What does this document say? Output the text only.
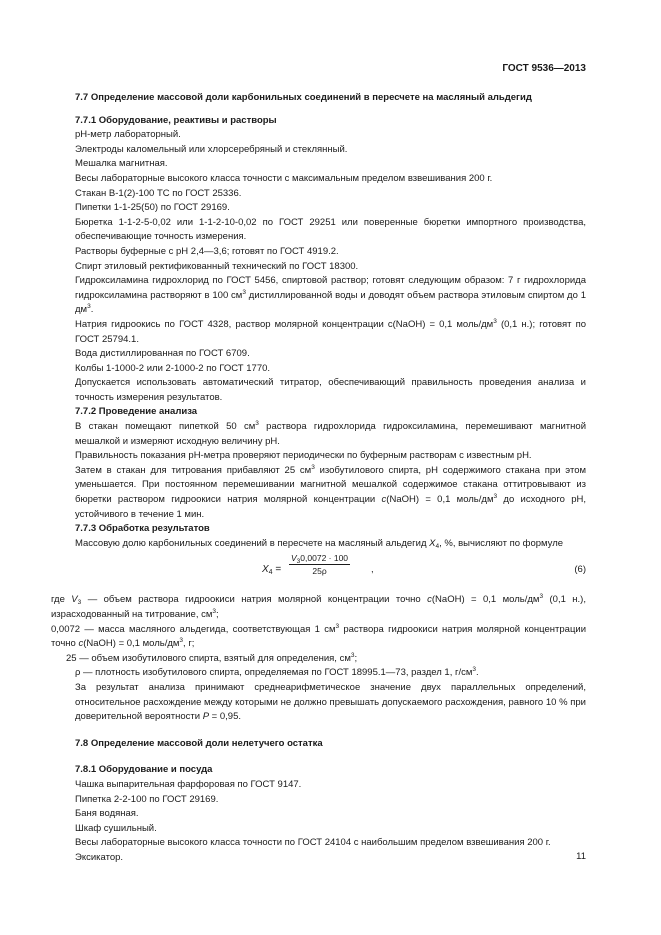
ГОСТ 9536—2013

7.7 Определение массовой доли карбонильных соединений в пересчете на масляный альдегид

7.7.1 Оборудование, реактивы и растворы

pH-метр лабораторный.

Электроды каломельный или хлорсеребряный и стеклянный.

Мешалка магнитная.

Весы лабораторные высокого класса точности с максимальным пределом взвешивания 200 г.

Стакан В-1(2)-100 ТС по ГОСТ 25336.

Пипетки 1-1-25(50) по ГОСТ 29169.

Бюретка 1-1-2-5-0,02 или 1-1-2-10-0,02 по ГОСТ 29251 или поверенные бюретки импортного производства, обеспечивающие точность измерения.

Растворы буферные с pH 2,4—3,6; готовят по ГОСТ 4919.2.

Спирт этиловый ректификованный технический по ГОСТ 18300.

Гидроксиламина гидрохлорид по ГОСТ 5456, спиртовой раствор; готовят следующим образом: 7 г гидрохлорида гидроксиламина растворяют в 100 $см^3$ дистиллированной воды и доводят объем раствора этиловым спиртом до 1 $дм^3$.

Натрия гидроокись по ГОСТ 4328, раствор молярной концентрации с(NaOH) = 0,1 моль/$дм^3$ (0,1 н.); готовят по ГОСТ 25794.1.

Вода дистиллированная по ГОСТ 6709.

Колбы 1-1000-2 или 2-1000-2 по ГОСТ 1770.

Допускается использовать автоматический титратор, обеспечивающий правильность проведения анализа и точность измерения результатов.

7.7.2 Проведение анализа

В стакан помещают пипеткой 50 $см^3$ раствора гидрохлорида гидроксиламина, перемешивают магнитной мешалкой и измеряют исходную величину pH.

Правильность показания pH-метра проверяют периодически по буферным растворам с известным pH.

Затем в стакан для титрования прибавляют 25 $см^3$ изобутилового спирта, pH содержимого стакана при этом уменьшается. При постоянном перемешивании магнитной мешалкой содержимое стакана оттитровывают из бюретки раствором гидроокиси натрия молярной концентрации c(NaOH) = 0,1 моль/$дм^3$ до исходного pH, устойчивого в течение 1 мин.

7.7.3 Обработка результатов

Массовую долю карбонильных соединений в пересчете на масляный альдегид $X_4$, %, вычисляют по формуле

$X_4 = \frac{V_30,0072 \cdot 100}{25\rho}$ ,	(6)
где $V_3$ — объем раствора гидроокиси натрия молярной концентрации точно c(NaOH) = 0,1 моль/$дм^3$ (0,1 н.), израсходованный на титрование, $см^3$;
0,0072 — масса масляного альдегида, соответствующая 1 $см^3$ раствора гидроокиси натрия молярной концентрации точно c(NaOH) = 0,1 моль/$дм^3$, г;
25 — объем изобутилового спирта, взятый для определения, $см^3$;
ρ — плотность изобутилового спирта, определяемая по ГОСТ 18995.1—73, раздел 1, $г/см^3$.

За результат анализа принимают среднеарифметическое значение двух параллельных определений, относительное расхождение между которыми не должно превышать допускаемого расхождения, равного 10 % при доверительной вероятности P = 0,95.

7.8 Определение массовой доли нелетучего остатка

7.8.1 Оборудование и посуда

Чашка выпарительная фарфоровая по ГОСТ 9147.

Пипетка 2-2-100 по ГОСТ 29169.

Баня водяная.

Шкаф сушильный.

Весы лабораторные высокого класса точности по ГОСТ 24104 с наибольшим пределом взвешивания 200 г.

Эксикатор.	11
